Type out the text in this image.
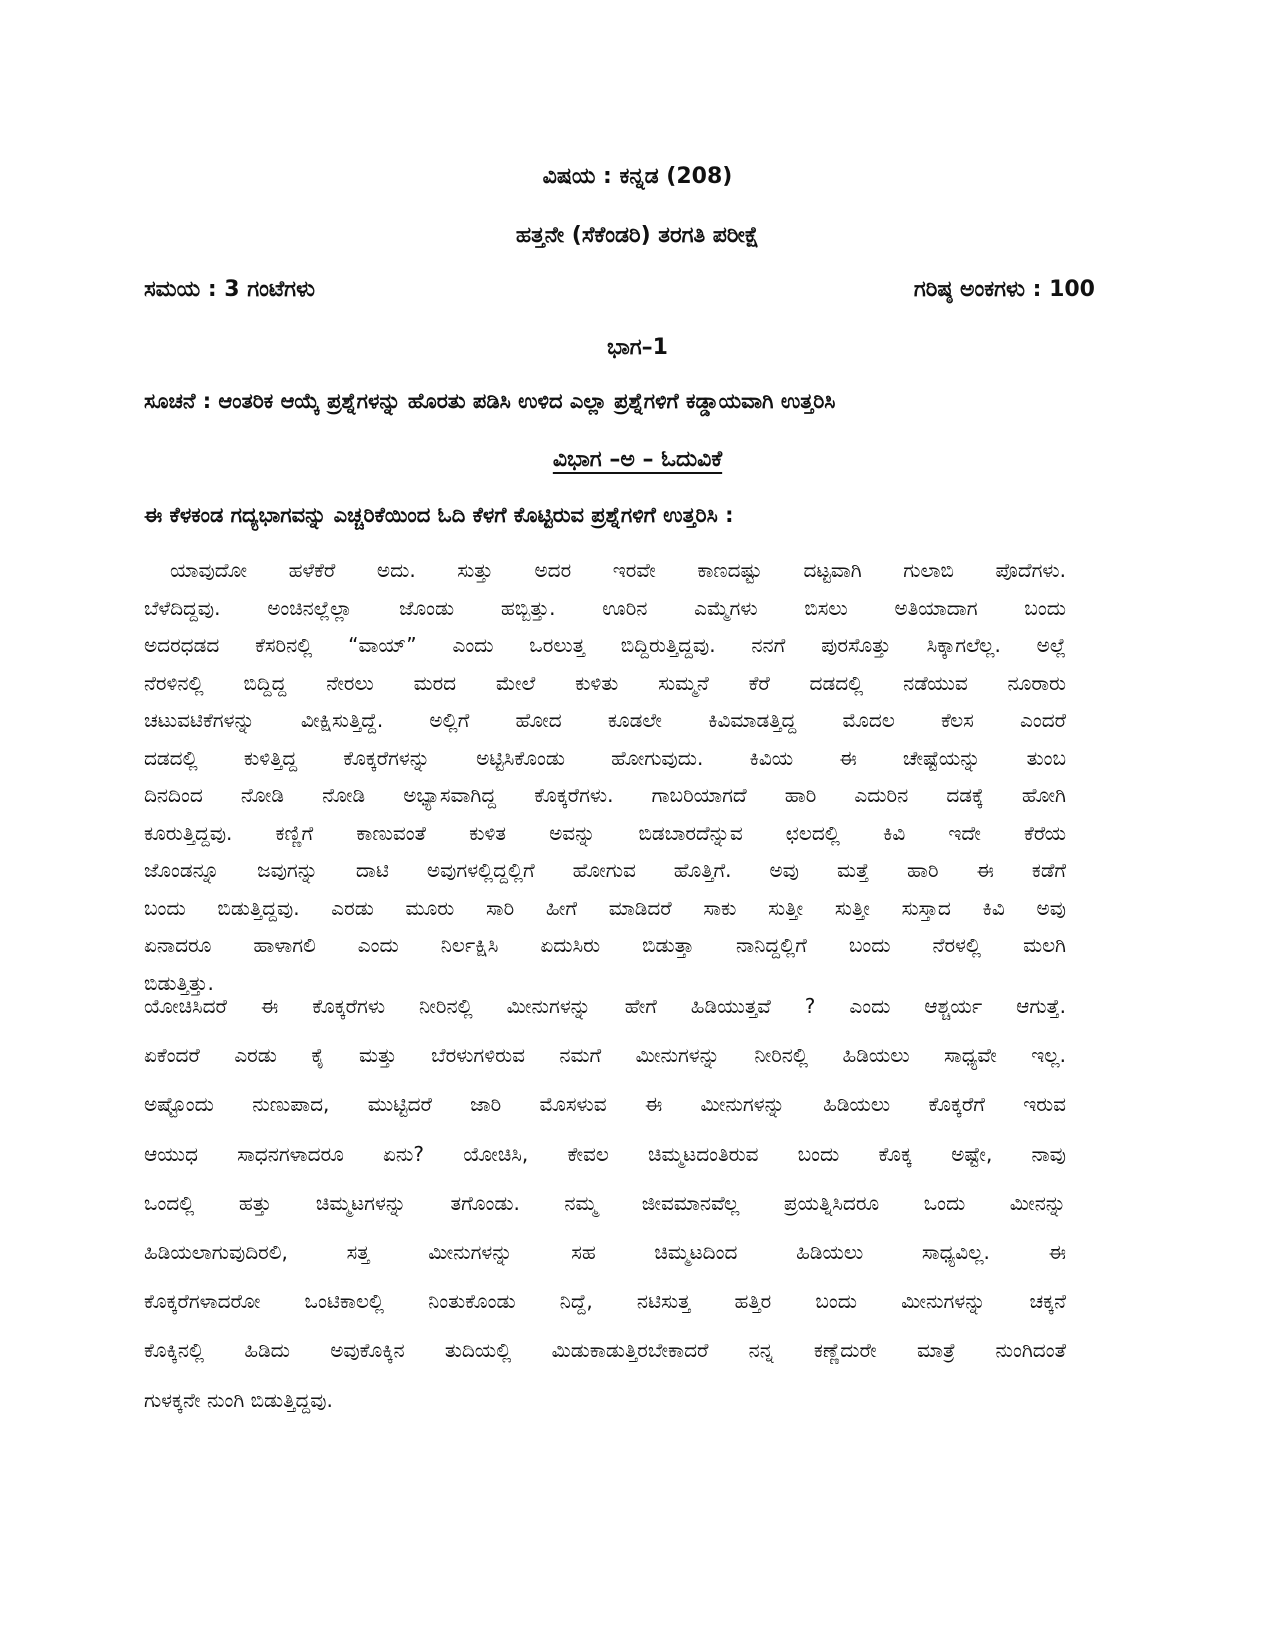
ವಿಷಯ : ಕನ್ನಡ (208)
ಹತ್ತನೇ (ಸೆಕೆಂಡರಿ) ತರಗತಿ ಪರೀಕ್ಷೆ
ಸಮಯ : 3 ಗಂಟೆಗಳು	ಗರಿಷ್ಠ ಅಂಕಗಳು : 100
ಭಾಗ–1
ಸೂಚನೆ : ಆಂತರಿಕ ಆಯ್ಕೆ ಪ್ರಶ್ನೆಗಳನ್ನು ಹೊರತು ಪಡಿಸಿ ಉಳಿದ ಎಲ್ಲಾ ಪ್ರಶ್ನೆಗಳಿಗೆ ಕಡ್ಡಾಯವಾಗಿ ಉತ್ತರಿಸಿ
ವಿಭಾಗ –ಅ – ಓದುವಿಕೆ
ಈ ಕೆಳಕಂಡ ಗದ್ಯಭಾಗವನ್ನು ಎಚ್ಚರಿಕೆಯಿಂದ ಓದಿ ಕೆಳಗೆ ಕೊಟ್ಟಿರುವ ಪ್ರಶ್ನೆಗಳಿಗೆ ಉತ್ತರಿಸಿ :
ಯಾವುದೋ ಹಳೆಕೆರೆ ಅದು. ಸುತ್ತು ಅದರ ಇರವೇ ಕಾಣದಷ್ಟು ದಟ್ಟವಾಗಿ ಗುಲಾಬಿ ಪೊದೆಗಳು.
ಬೆಳೆದಿದ್ದವು. ಅಂಚಿನಲ್ಲೆಲ್ಲಾ ಜೊಂಡು ಹಬ್ಬಿತ್ತು. ಊರಿನ ಎಮ್ಮೆಗಳು ಬಿಸಲು ಅತಿಯಾದಾಗ ಬಂದು
ಅದರಧಡದ ಕೆಸರಿನಲ್ಲಿ “ವಾಯ್” ಎಂದು ಒರಲುತ್ತ ಬಿದ್ದಿರುತ್ತಿದ್ದವು. ನನಗೆ ಪುರಸೊತ್ತು ಸಿಕ್ಕಾಗಲೆಲ್ಲ. ಅಲ್ಲೆ
ನೆರಳಿನಲ್ಲಿ ಬಿದ್ದಿದ್ದ ನೇರಲು ಮರದ ಮೇಲೆ ಕುಳಿತು ಸುಮ್ಮನೆ ಕೆರೆ ದಡದಲ್ಲಿ ನಡೆಯುವ ನೂರಾರು
ಚಟುವಟಿಕೆಗಳನ್ನು ವೀಕ್ಷಿಸುತ್ತಿದ್ದೆ. ಅಲ್ಲಿಗೆ ಹೋದ ಕೂಡಲೇ ಕಿವಿಮಾಡತ್ತಿದ್ದ ಮೊದಲ ಕೆಲಸ ಎಂದರೆ
ದಡದಲ್ಲಿ ಕುಳಿತ್ತಿದ್ದ ಕೊಕ್ಕರೆಗಳನ್ನು ಅಟ್ಟಿಸಿಕೊಂಡು ಹೋಗುವುದು. ಕಿವಿಯ ಈ ಚೇಷ್ಟೆಯನ್ನು ತುಂಬ
ದಿನದಿಂದ ನೋಡಿ ನೋಡಿ ಅಭ್ಯಾಸವಾಗಿದ್ದ ಕೊಕ್ಕರೆಗಳು. ಗಾಬರಿಯಾಗದೆ ಹಾರಿ ಎದುರಿನ ದಡಕ್ಕೆ ಹೋಗಿ
ಕೂರುತ್ತಿದ್ದವು. ಕಣ್ಣಿಗೆ ಕಾಣುವಂತೆ ಕುಳಿತ ಅವನ್ನು ಬಿಡಬಾರದೆನ್ನುವ ಛಲದಲ್ಲಿ ಕಿವಿ ಇದೇ ಕೆರೆಯ
ಜೊಂಡನ್ನೂ ಜವುಗನ್ನು ದಾಟಿ ಅವುಗಳಲ್ಲಿದ್ದಲ್ಲಿಗೆ ಹೋಗುವ ಹೊತ್ತಿಗೆ. ಅವು ಮತ್ತೆ ಹಾರಿ ಈ ಕಡೆಗೆ
ಬಂದು ಬಿಡುತ್ತಿದ್ದವು. ಎರಡು ಮೂರು ಸಾರಿ ಹೀಗೆ ಮಾಡಿದರೆ ಸಾಕು ಸುತ್ತೀ ಸುತ್ತೀ ಸುಸ್ತಾದ ಕಿವಿ ಅವು
ಏನಾದರೂ ಹಾಳಾಗಲಿ ಎಂದು ನಿರ್ಲಕ್ಷಿಸಿ ಏದುಸಿರು ಬಿಡುತ್ತಾ ನಾನಿದ್ದಲ್ಲಿಗೆ ಬಂದು ನೆರಳಲ್ಲಿ ಮಲಗಿ
ಬಿಡುತ್ತಿತ್ತು.
ಯೋಚಿಸಿದರೆ ಈ ಕೊಕ್ಕರೆಗಳು ನೀರಿನಲ್ಲಿ ಮೀನುಗಳನ್ನು ಹೇಗೆ ಹಿಡಿಯುತ್ತವೆ ? ಎಂದು ಆಶ್ಚರ್ಯ ಆಗುತ್ತೆ.
ಏಕೆಂದರೆ ಎರಡು ಕೈ ಮತ್ತು ಬೆರಳುಗಳಿರುವ ನಮಗೆ ಮೀನುಗಳನ್ನು ನೀರಿನಲ್ಲಿ ಹಿಡಿಯಲು ಸಾಧ್ಯವೇ ಇಲ್ಲ.
ಅಷ್ಟೊಂದು ನುಣುಪಾದ, ಮುಟ್ಟಿದರೆ ಜಾರಿ ಮೊಸಳುವ ಈ ಮೀನುಗಳನ್ನು ಹಿಡಿಯಲು ಕೊಕ್ಕರೆಗೆ ಇರುವ
ಆಯುಧ ಸಾಧನಗಳಾದರೂ ಏನು? ಯೋಚಿಸಿ, ಕೇವಲ ಚಿಮ್ಮಟದಂತಿರುವ ಬಂದು ಕೊಕ್ಕ ಅಷ್ಟೇ, ನಾವು
ಒಂದಲ್ಲಿ ಹತ್ತು ಚಿಮ್ಮಟಗಳನ್ನು ತಗೊಂಡು. ನಮ್ಮ ಜೀವಮಾನವೆಲ್ಲ ಪ್ರಯತ್ನಿಸಿದರೂ ಒಂದು ಮೀನನ್ನು
ಹಿಡಿಯಲಾಗುವುದಿರಲಿ, ಸತ್ತ ಮೀನುಗಳನ್ನು ಸಹ ಚಿಮ್ಮಟದಿಂದ ಹಿಡಿಯಲು ಸಾಧ್ಯವಿಲ್ಲ. ಈ
ಕೊಕ್ಕರೆಗಳಾದರೋ ಒಂಟಿಕಾಲಲ್ಲಿ ನಿಂತುಕೊಂಡು ನಿದ್ದೆ, ನಟಿಸುತ್ತ ಹತ್ತಿರ ಬಂದು ಮೀನುಗಳನ್ನು ಚಕ್ಕನೆ
ಕೊಕ್ಕಿನಲ್ಲಿ ಹಿಡಿದು ಅವುಕೊಕ್ಕಿನ ತುದಿಯಲ್ಲಿ ಮಿಡುಕಾಡುತ್ತಿರಬೇಕಾದರೆ ನನ್ನ ಕಣ್ಣೆದುರೇ ಮಾತ್ರೆ ನುಂಗಿದಂತೆ
ಗುಳಕ್ಕನೇ ನುಂಗಿ ಬಿಡುತ್ತಿದ್ದವು.
